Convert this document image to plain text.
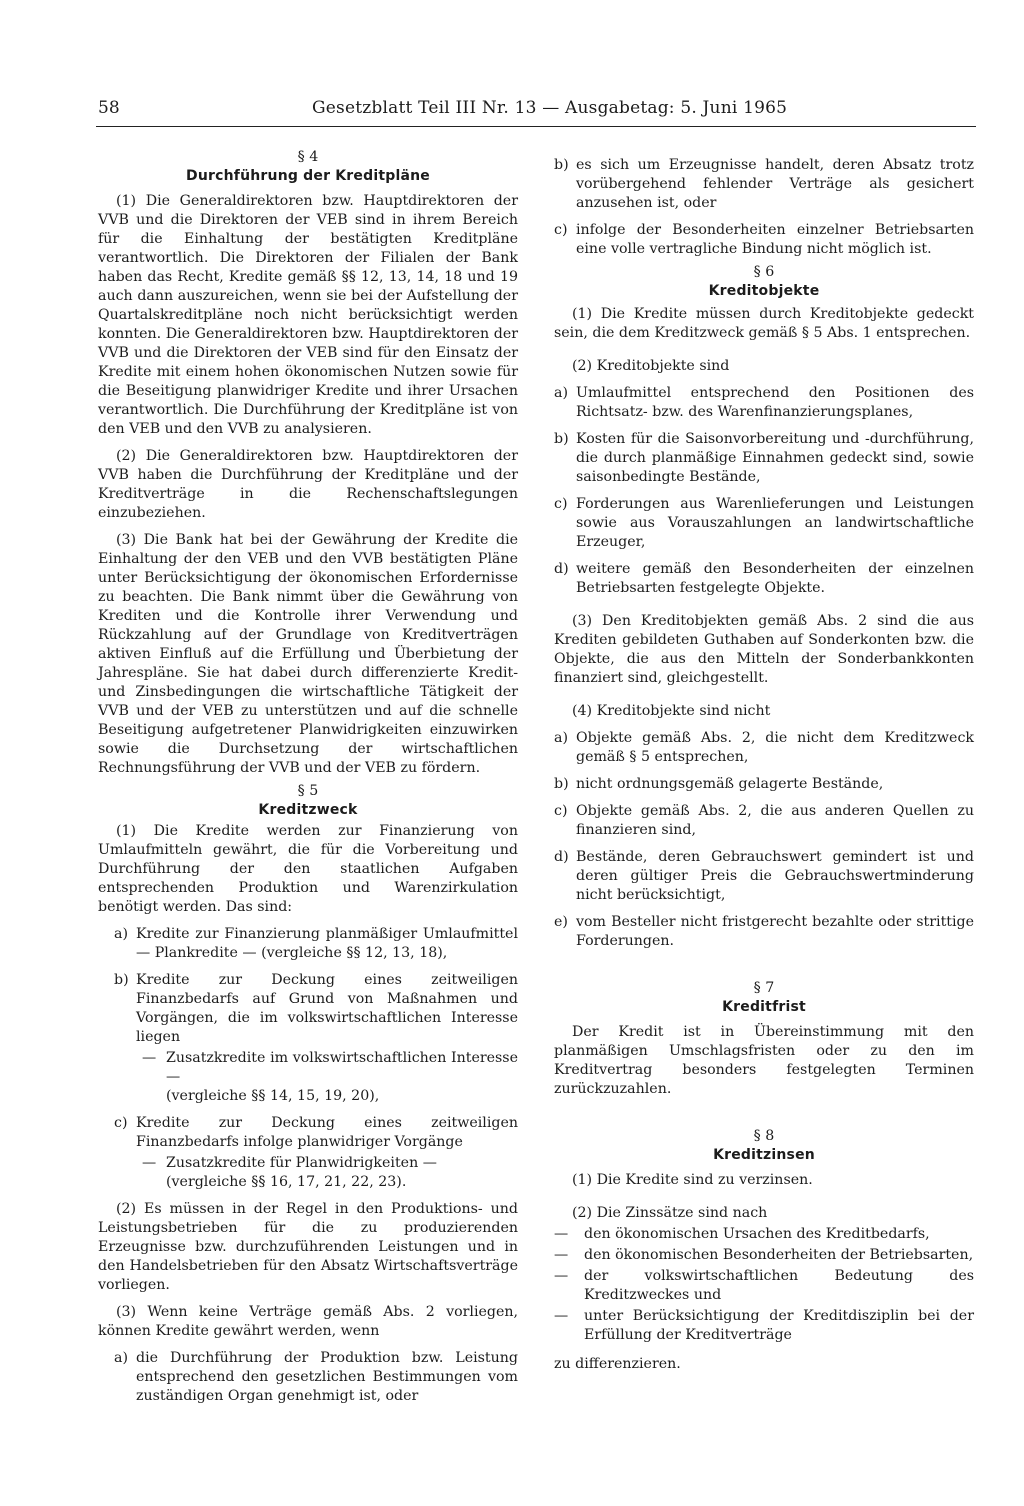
58	Gesetzblatt Teil III Nr. 13 — Ausgabetag: 5. Juni 1965

§ 4

Durchführung der Kreditpläne

(1) Die Generaldirektoren bzw. Hauptdirektoren der VVB und die Direktoren der VEB sind in ihrem Bereich für die Einhaltung der bestätigten Kreditpläne verantwortlich. Die Direktoren der Filialen der Bank haben das Recht, Kredite gemäß §§ 12, 13, 14, 18 und 19 auch dann auszureichen, wenn sie bei der Aufstellung der Quartalskreditpläne noch nicht berücksichtigt werden konnten. Die Generaldirektoren bzw. Hauptdirektoren der VVB und die Direktoren der VEB sind für den Einsatz der Kredite mit einem hohen ökonomischen Nutzen sowie für die Beseitigung planwidriger Kredite und ihrer Ursachen verantwortlich. Die Durchführung der Kreditpläne ist von den VEB und den VVB zu analysieren.

(2) Die Generaldirektoren bzw. Hauptdirektoren der VVB haben die Durchführung der Kreditpläne und der Kreditverträge in die Rechenschaftslegungen einzubeziehen.

(3) Die Bank hat bei der Gewährung der Kredite die Einhaltung der den VEB und den VVB bestätigten Pläne unter Berücksichtigung der ökonomischen Erfordernisse zu beachten. Die Bank nimmt über die Gewährung von Krediten und die Kontrolle ihrer Verwendung und Rückzahlung auf der Grundlage von Kreditverträgen aktiven Einfluß auf die Erfüllung und Überbietung der Jahrespläne. Sie hat dabei durch differenzierte Kredit- und Zinsbedingungen die wirtschaftliche Tätigkeit der VVB und der VEB zu unterstützen und auf die schnelle Beseitigung aufgetretener Planwidrigkeiten einzuwirken sowie die Durchsetzung der wirtschaftlichen Rechnungsführung der VVB und der VEB zu fördern.

§ 5

Kreditzweck

(1) Die Kredite werden zur Finanzierung von Umlaufmitteln gewährt, die für die Vorbereitung und Durchführung der den staatlichen Aufgaben entsprechenden Produktion und Warenzirkulation benötigt werden. Das sind:

a) Kredite zur Finanzierung planmäßiger Umlaufmittel — Plankredite — (vergleiche §§ 12, 13, 18),
b) Kredite zur Deckung eines zeitweiligen Finanzbedarfs auf Grund von Maßnahmen und Vorgängen, die im volkswirtschaftlichen Interesse liegen
— Zusatzkredite im volkswirtschaftlichen Interesse —
(vergleiche §§ 14, 15, 19, 20),
c) Kredite zur Deckung eines zeitweiligen Finanzbedarfs infolge planwidriger Vorgänge
— Zusatzkredite für Planwidrigkeiten —
(vergleiche §§ 16, 17, 21, 22, 23).

(2) Es müssen in der Regel in den Produktions- und Leistungsbetrieben für die zu produzierenden Erzeugnisse bzw. durchzuführenden Leistungen und in den Handelsbetrieben für den Absatz Wirtschaftsverträge vorliegen.

(3) Wenn keine Verträge gemäß Abs. 2 vorliegen, können Kredite gewährt werden, wenn

a) die Durchführung der Produktion bzw. Leistung entsprechend den gesetzlichen Bestimmungen vom zuständigen Organ genehmigt ist, oder
b) es sich um Erzeugnisse handelt, deren Absatz trotz vorübergehend fehlender Verträge als gesichert anzusehen ist, oder
c) infolge der Besonderheiten einzelner Betriebsarten eine volle vertragliche Bindung nicht möglich ist.

§ 6

Kreditobjekte

(1) Die Kredite müssen durch Kreditobjekte gedeckt sein, die dem Kreditzweck gemäß § 5 Abs. 1 entsprechen.

(2) Kreditobjekte sind

a) Umlaufmittel entsprechend den Positionen des Richtsatz- bzw. des Warenfinanzierungsplanes,
b) Kosten für die Saisonvorbereitung und -durchführung, die durch planmäßige Einnahmen gedeckt sind, sowie saisonbedingte Bestände,
c) Forderungen aus Warenlieferungen und Leistungen sowie aus Vorauszahlungen an landwirtschaftliche Erzeuger,
d) weitere gemäß den Besonderheiten der einzelnen Betriebsarten festgelegte Objekte.

(3) Den Kreditobjekten gemäß Abs. 2 sind die aus Krediten gebildeten Guthaben auf Sonderkonten bzw. die Objekte, die aus den Mitteln der Sonderbankkonten finanziert sind, gleichgestellt.

(4) Kreditobjekte sind nicht

a) Objekte gemäß Abs. 2, die nicht dem Kreditzweck gemäß § 5 entsprechen,
b) nicht ordnungsgemäß gelagerte Bestände,
c) Objekte gemäß Abs. 2, die aus anderen Quellen zu finanzieren sind,
d) Bestände, deren Gebrauchswert gemindert ist und deren gültiger Preis die Gebrauchswertminderung nicht berücksichtigt,
e) vom Besteller nicht fristgerecht bezahlte oder strittige Forderungen.

§ 7

Kreditfrist

Der Kredit ist in Übereinstimmung mit den planmäßigen Umschlagsfristen oder zu den im Kreditvertrag besonders festgelegten Terminen zurückzuzahlen.

§ 8

Kreditzinsen

(1) Die Kredite sind zu verzinsen.

(2) Die Zinssätze sind nach

—	den ökonomischen Ursachen des Kreditbedarfs,
—	den ökonomischen Besonderheiten der Betriebsarten,
—	der volkswirtschaftlichen Bedeutung des Kreditzweckes und
—	unter Berücksichtigung der Kreditdisziplin bei der Erfüllung der Kreditverträge

zu differenzieren.
